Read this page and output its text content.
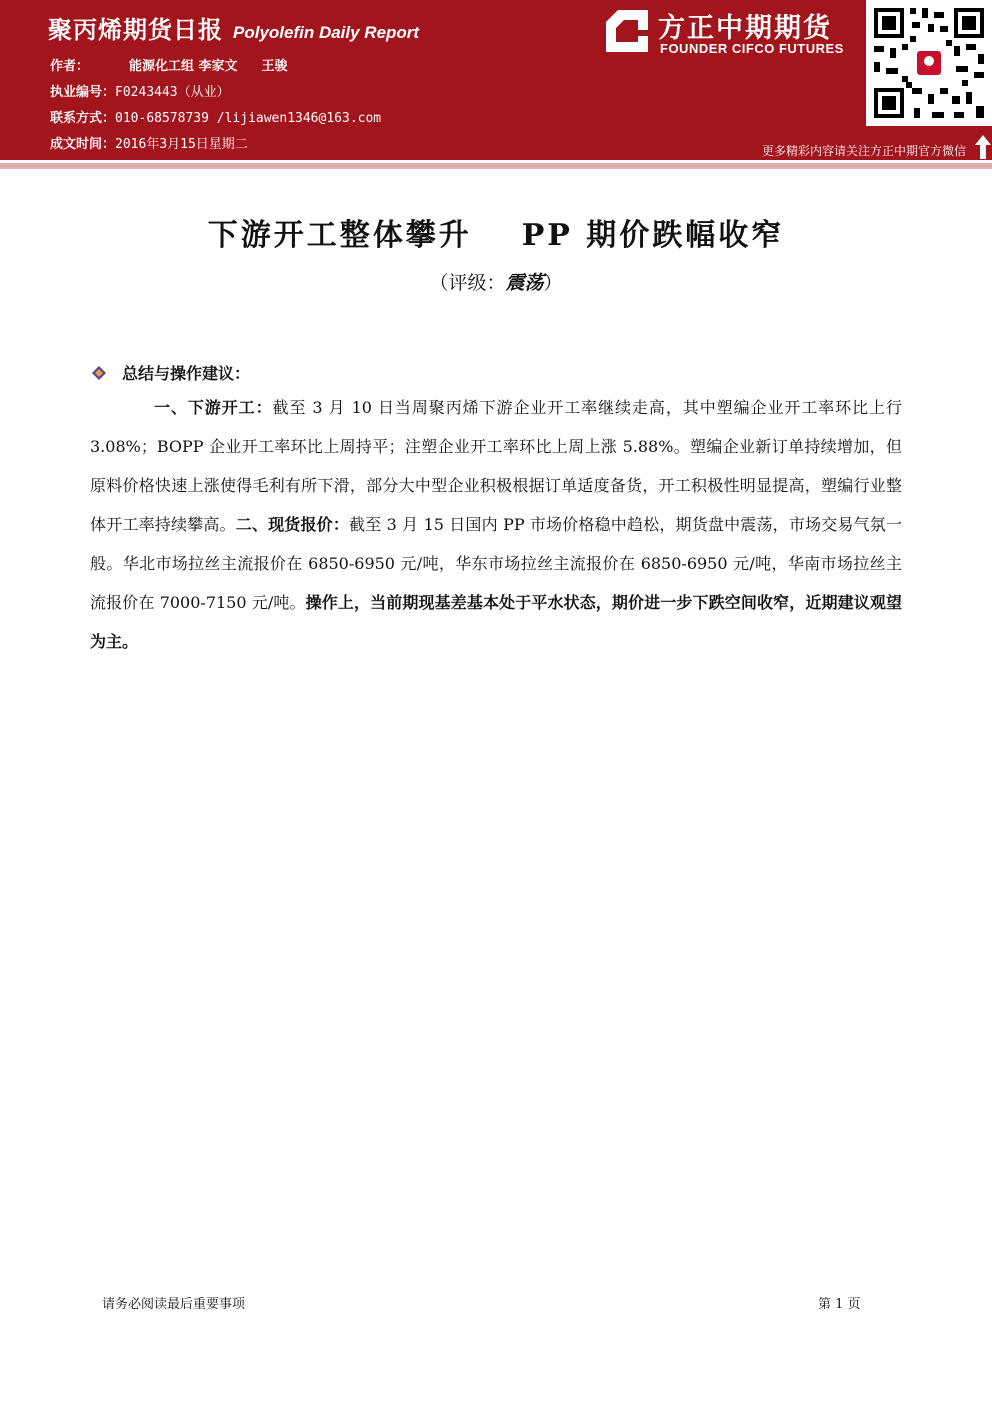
聚丙烯期货日报 Polyolefin Daily Report
作者：	能源化工组 李家文 王骏
执业编号：F0243443（从业）
联系方式：010-68578739 /lijiawen1346@163.com
成文时间：2016年3月15日星期二
方正中期期货
FOUNDER CIFCO FUTURES
更多精彩内容请关注方正中期官方微信
下游开工整体攀升 PP 期价跌幅收窄
（评级：震荡）
总结与操作建议：
一、下游开工：截至 3 月 10 日当周聚丙烯下游企业开工率继续走高，其中塑编企业开工率环比上行 3.08%；BOPP 企业开工率环比上周持平；注塑企业开工率环比上周上涨 5.88%。塑编企业新订单持续增加，但原料价格快速上涨使得毛利有所下滑，部分大中型企业积极根据订单适度备货，开工积极性明显提高，塑编行业整体开工率持续攀高。二、现货报价：截至 3 月 15 日国内 PP 市场价格稳中趋松，期货盘中震荡，市场交易气氛一般。华北市场拉丝主流报价在 6850-6950 元/吨，华东市场拉丝主流报价在 6850-6950 元/吨，华南市场拉丝主流报价在 7000-7150 元/吨。操作上，当前期现基差基本处于平水状态，期价进一步下跌空间收窄，近期建议观望为主。
请务必阅读最后重要事项	第 1 页
